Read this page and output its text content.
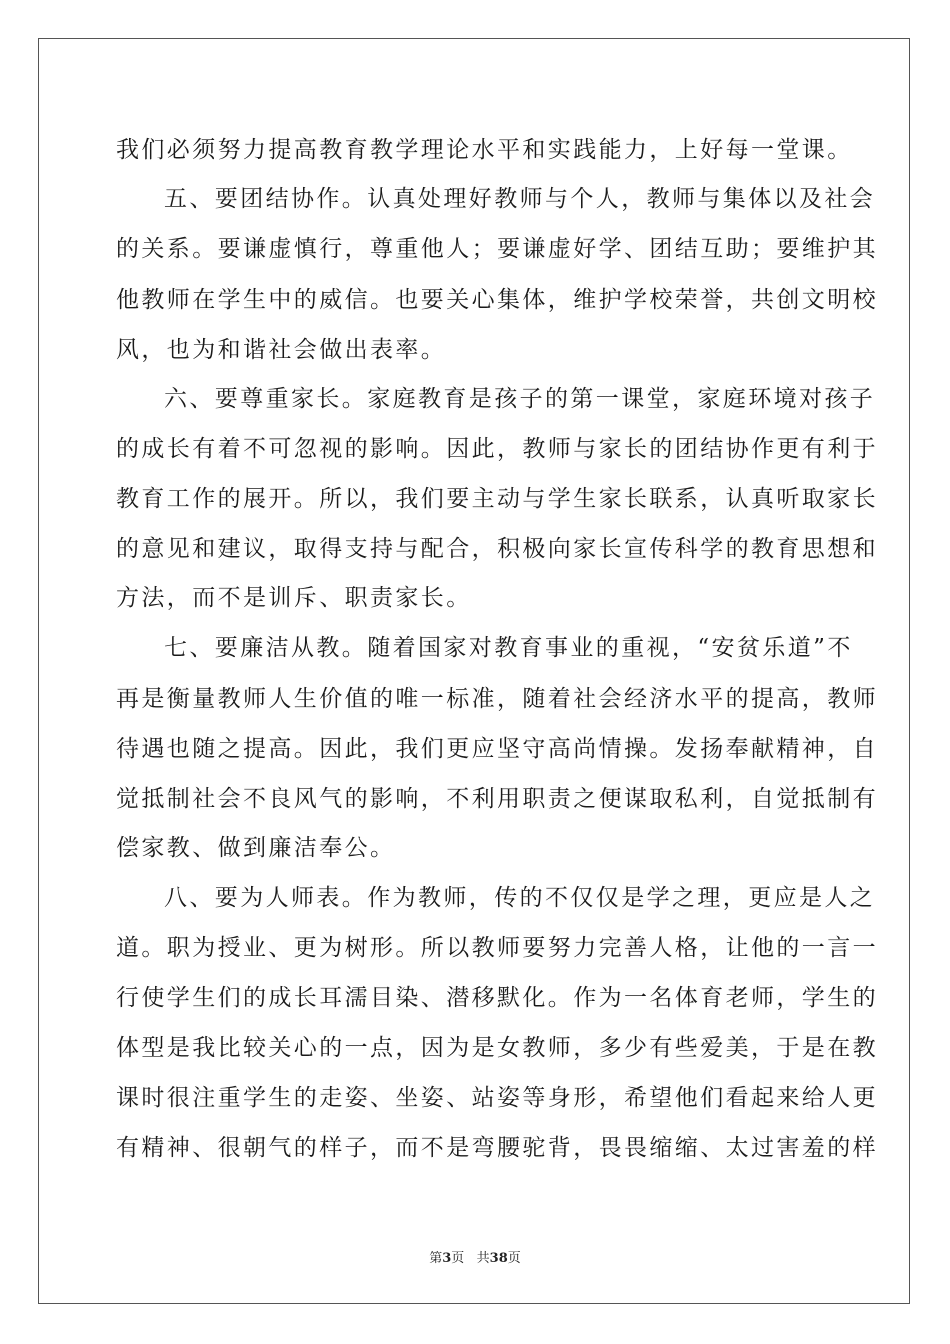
我们必须努力提高教育教学理论水平和实践能力，上好每一堂课。
五、要团结协作。认真处理好教师与个人，教师与集体以及社会
的关系。要谦虚慎行，尊重他人；要谦虚好学、团结互助；要维护其
他教师在学生中的威信。也要关心集体，维护学校荣誉，共创文明校
风，也为和谐社会做出表率。
六、要尊重家长。家庭教育是孩子的第一课堂，家庭环境对孩子
的成长有着不可忽视的影响。因此，教师与家长的团结协作更有利于
教育工作的展开。所以，我们要主动与学生家长联系，认真听取家长
的意见和建议，取得支持与配合，积极向家长宣传科学的教育思想和
方法，而不是训斥、职责家长。
七、要廉洁从教。随着国家对教育事业的重视，“安贫乐道”不
再是衡量教师人生价值的唯一标准，随着社会经济水平的提高，教师
待遇也随之提高。因此，我们更应坚守高尚情操。发扬奉献精神，自
觉抵制社会不良风气的影响，不利用职责之便谋取私利，自觉抵制有
偿家教、做到廉洁奉公。
八、要为人师表。作为教师，传的不仅仅是学之理，更应是人之
道。职为授业、更为树形。所以教师要努力完善人格，让他的一言一
行使学生们的成长耳濡目染、潜移默化。作为一名体育老师，学生的
体型是我比较关心的一点，因为是女教师，多少有些爱美，于是在教
课时很注重学生的走姿、坐姿、站姿等身形，希望他们看起来给人更
有精神、很朝气的样子，而不是弯腰驼背，畏畏缩缩、太过害羞的样
第3页   共38页
